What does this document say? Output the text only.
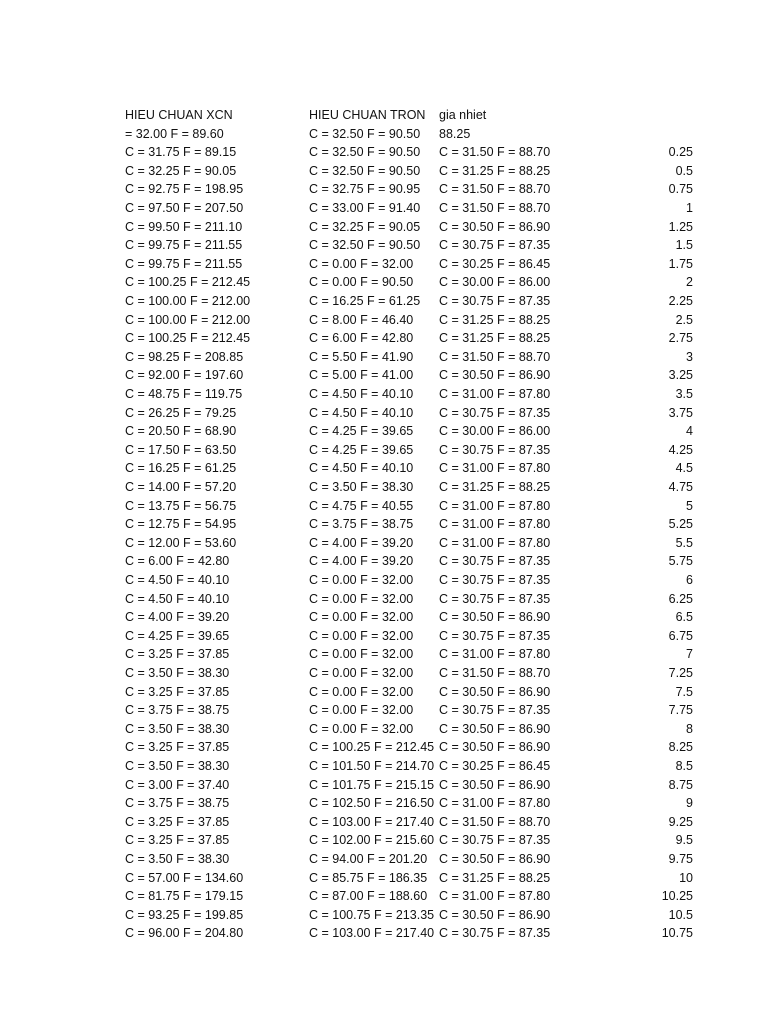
HIEU CHUAN XCN	HIEU CHUAN TRON gia nhiet
= 32.00 F = 89.60	C = 32.50 F = 90.50 88.25
C = 31.75 F = 89.15	C = 32.50 F = 90.50 C = 31.50 F = 88.70	0.25
C = 32.25 F = 90.05	C = 32.50 F = 90.50 C = 31.25 F = 88.25	0.5
C = 92.75 F = 198.95	C = 32.75 F = 90.95 C = 31.50 F = 88.70	0.75
C = 97.50 F = 207.50	C = 33.00 F = 91.40 C = 31.50 F = 88.70	1
C = 99.50 F = 211.10	C = 32.25 F = 90.05 C = 30.50 F = 86.90	1.25
C = 99.75 F = 211.55	C = 32.50 F = 90.50 C = 30.75 F = 87.35	1.5
C = 99.75 F = 211.55	C = 0.00 F = 32.00 C = 30.25 F = 86.45	1.75
C = 100.25 F = 212.45	C = 0.00 F = 90.50 C = 30.00 F = 86.00	2
C = 100.00 F = 212.00	C = 16.25 F = 61.25 C = 30.75 F = 87.35	2.25
C = 100.00 F = 212.00	C = 8.00 F = 46.40 C = 31.25 F = 88.25	2.5
C = 100.25 F = 212.45	C = 6.00 F = 42.80 C = 31.25 F = 88.25	2.75
C = 98.25 F = 208.85	C = 5.50 F = 41.90 C = 31.50 F = 88.70	3
C = 92.00 F = 197.60	C = 5.00 F = 41.00 C = 30.50 F = 86.90	3.25
C = 48.75 F = 119.75	C = 4.50 F = 40.10 C = 31.00 F = 87.80	3.5
C = 26.25 F = 79.25	C = 4.50 F = 40.10 C = 30.75 F = 87.35	3.75
C = 20.50 F = 68.90	C = 4.25 F = 39.65 C = 30.00 F = 86.00	4
C = 17.50 F = 63.50	C = 4.25 F = 39.65 C = 30.75 F = 87.35	4.25
C = 16.25 F = 61.25	C = 4.50 F = 40.10 C = 31.00 F = 87.80	4.5
C = 14.00 F = 57.20	C = 3.50 F = 38.30 C = 31.25 F = 88.25	4.75
C = 13.75 F = 56.75	C = 4.75 F = 40.55 C = 31.00 F = 87.80	5
C = 12.75 F = 54.95	C = 3.75 F = 38.75 C = 31.00 F = 87.80	5.25
C = 12.00 F = 53.60	C = 4.00 F = 39.20 C = 31.00 F = 87.80	5.5
C = 6.00 F = 42.80	C = 4.00 F = 39.20 C = 30.75 F = 87.35	5.75
C = 4.50 F = 40.10	C = 0.00 F = 32.00 C = 30.75 F = 87.35	6
C = 4.50 F = 40.10	C = 0.00 F = 32.00 C = 30.75 F = 87.35	6.25
C = 4.00 F = 39.20	C = 0.00 F = 32.00 C = 30.50 F = 86.90	6.5
C = 4.25 F = 39.65	C = 0.00 F = 32.00 C = 30.75 F = 87.35	6.75
C = 3.25 F = 37.85	C = 0.00 F = 32.00 C = 31.00 F = 87.80	7
C = 3.50 F = 38.30	C = 0.00 F = 32.00 C = 31.50 F = 88.70	7.25
C = 3.25 F = 37.85	C = 0.00 F = 32.00 C = 30.50 F = 86.90	7.5
C = 3.75 F = 38.75	C = 0.00 F = 32.00 C = 30.75 F = 87.35	7.75
C = 3.50 F = 38.30	C = 0.00 F = 32.00 C = 30.50 F = 86.90	8
C = 3.25 F = 37.85	C = 100.25 F = 212.45 C = 30.50 F = 86.90	8.25
C = 3.50 F = 38.30	C = 101.50 F = 214.70 C = 30.25 F = 86.45	8.5
C = 3.00 F = 37.40	C = 101.75 F = 215.15 C = 30.50 F = 86.90	8.75
C = 3.75 F = 38.75	C = 102.50 F = 216.50 C = 31.00 F = 87.80	9
C = 3.25 F = 37.85	C = 103.00 F = 217.40 C = 31.50 F = 88.70	9.25
C = 3.25 F = 37.85	C = 102.00 F = 215.60 C = 30.75 F = 87.35	9.5
C = 3.50 F = 38.30	C = 94.00 F = 201.20 C = 30.50 F = 86.90	9.75
C = 57.00 F = 134.60	C = 85.75 F = 186.35 C = 31.25 F = 88.25	10
C = 81.75 F = 179.15	C = 87.00 F = 188.60 C = 31.00 F = 87.80	10.25
C = 93.25 F = 199.85	C = 100.75 F = 213.35 C = 30.50 F = 86.90	10.5
C = 96.00 F = 204.80	C = 103.00 F = 217.40 C = 30.75 F = 87.35	10.75
